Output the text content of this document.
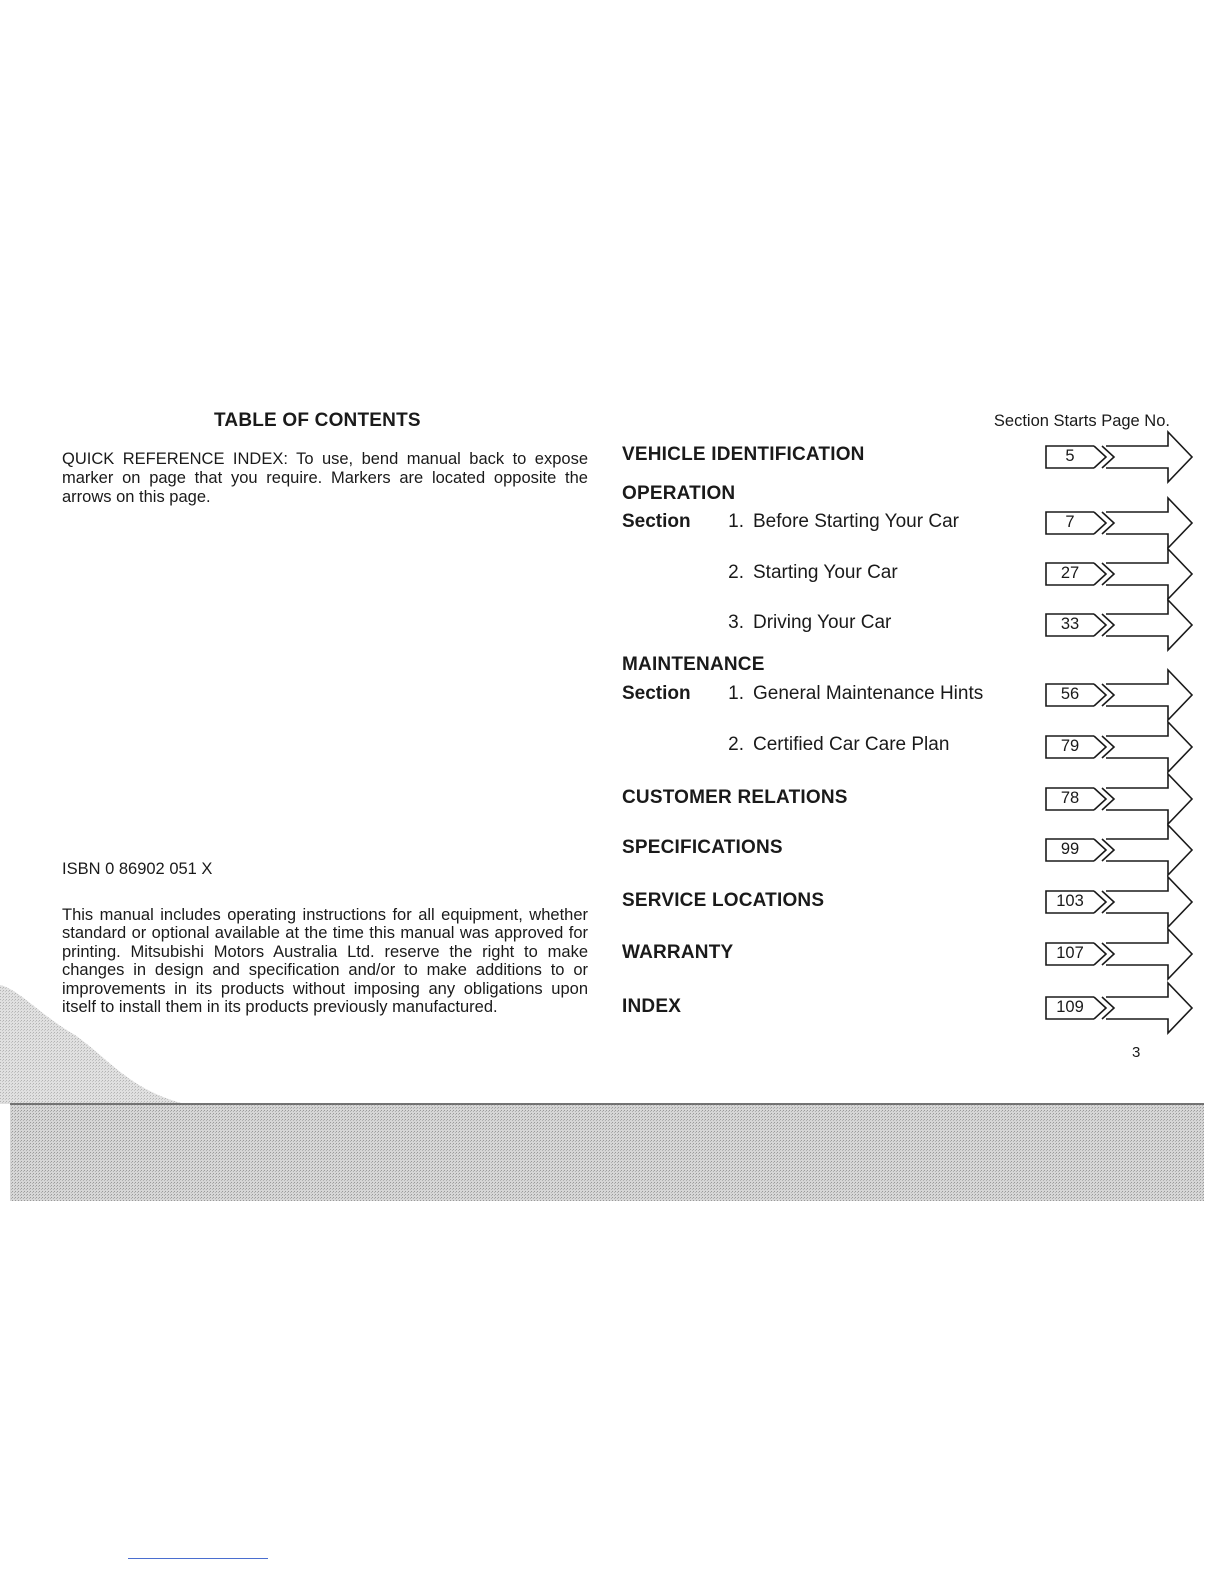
TABLE OF CONTENTS
QUICK REFERENCE INDEX: To use, bend manual back to expose marker on page that you require. Markers are located opposite the arrows on this page.
ISBN 0 86902 051 X
This manual includes operating instructions for all equipment, whether standard or optional available at the time this manual was approved for printing. Mitsubishi Motors Australia Ltd. reserve the right to make changes in design and specification and/or to make additions to or improvements in its products without imposing any obligations upon itself to install them in its products previously manufactured.
Section Starts Page No.
VEHICLE IDENTIFICATION
OPERATION
Section 1. Before Starting Your Car
2. Starting Your Car
3. Driving Your Car
MAINTENANCE
Section 1. General Maintenance Hints
2. Certified Car Care Plan
CUSTOMER RELATIONS
SPECIFICATIONS
SERVICE LOCATIONS
WARRANTY
INDEX
5
7
27
33
56
79
78
99
103
107
109
3
